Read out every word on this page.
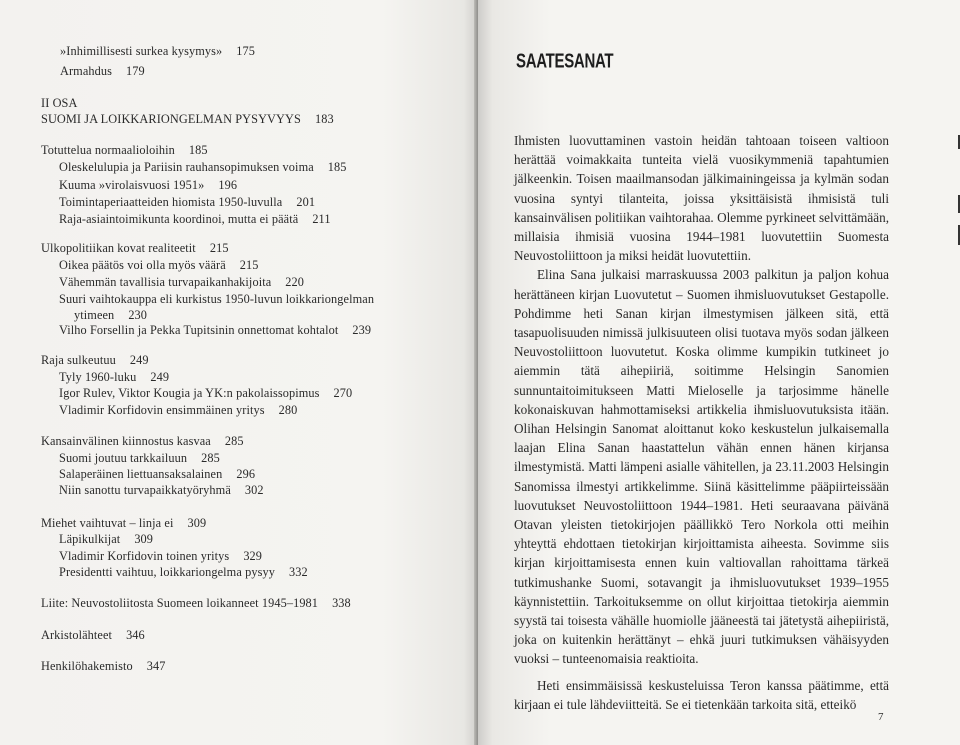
»Inhimillisesti surkea kysymys» 175
Armahdus 179
II OSA
SUOMI JA LOIKKARIONGELMAN PYSYVYYS 183
Totuttelua normaalioloihin 185
Oleskelulupia ja Pariisin rauhansopimuksen voima 185
Kuuma »virolaisvuosi 1951» 196
Toimintaperiaatteiden hiomista 1950-luvulla 201
Raja-asiaintoimikunta koordinoi, mutta ei päätä 211
Ulkopolitiikan kovat realiteetit 215
Oikea päätös voi olla myös väärä 215
Vähemmän tavallisia turvapaikanhakijoita 220
Suuri vaihtokauppa eli kurkistus 1950-luvun loikkariongelman
ytimeen 230
Vilho Forsellin ja Pekka Tupitsinin onnettomat kohtalot 239
Raja sulkeutuu 249
Tyly 1960-luku 249
Igor Rulev, Viktor Kougia ja YK:n pakolaissopimus 270
Vladimir Korfidovin ensimmäinen yritys 280
Kansainvälinen kiinnostus kasvaa 285
Suomi joutuu tarkkailuun 285
Salaperäinen liettuansaksalainen 296
Niin sanottu turvapaikkatyöryhmä 302
Miehet vaihtuvat – linja ei 309
Läpikulkijat 309
Vladimir Korfidovin toinen yritys 329
Presidentti vaihtuu, loikkariongelma pysyy 332
Liite: Neuvostoliitosta Suomeen loikanneet 1945–1981 338
Arkistolähteet 346
Henkilöhakemisto 347
SAATESANAT

Ihmisten luovuttaminen vastoin heidän tahtoaan toiseen valtioon herättää voimakkaita tunteita vielä vuosikymmeniä tapahtumien jälkeenkin. Toisen maailmansodan jälkimainingeissa ja kylmän sodan vuosina syntyi tilanteita, joissa yksittäisistä ihmisistä tuli kansainvälisen politiikan vaihtorahaa. Olemme pyrkineet selvittämään, millaisia ihmisiä vuosina 1944–1981 luovutettiin Suomesta Neuvostoliittoon ja miksi heidät luovutettiin.

Elina Sana julkaisi marraskuussa 2003 palkitun ja paljon kohua herättäneen kirjan Luovutetut – Suomen ihmisluovutukset Gestapolle. Pohdimme heti Sanan kirjan ilmestymisen jälkeen sitä, että tasapuolisuuden nimissä julkisuuteen olisi tuotava myös sodan jälkeen Neuvostoliittoon luovutetut. Koska olimme kumpikin tutkineet jo aiemmin tätä aihepiiriä, soitimme Helsingin Sanomien sunnuntaitoimitukseen Matti Mieloselle ja tarjosimme hänelle kokonaiskuvan hahmottamiseksi artikkelia ihmisluovutuksista itään. Olihan Helsingin Sanomat aloittanut koko keskustelun julkaisemalla laajan Elina Sanan haastattelun vähän ennen hänen kirjansa ilmestymistä. Matti lämpeni asialle vähitellen, ja 23.11.2003 Helsingin Sanomissa ilmestyi artikkelimme. Siinä käsittelimme pääpiirteissään luovutukset Neuvostoliittoon 1944–1981. Heti seuraavana päivänä Otavan yleisten tietokirjojen päällikkö Tero Norkola otti meihin yhteyttä ehdottaen tietokirjan kirjoittamista aiheesta. Sovimme siis kirjan kirjoittamisesta ennen kuin valtiovallan rahoittama tärkeä tutkimushanke Suomi, sotavangit ja ihmisluovutukset 1939–1955 käynnistettiin. Tarkoituksemme on ollut kirjoittaa tietokirja aiemmin syystä tai toisesta vähälle huomiolle jääneestä tai jätetystä aihepiiristä, joka on kuitenkin herättänyt – ehkä juuri tutkimuksen vähäisyyden vuoksi – tunteenomaisia reaktioita.

Heti ensimmäisissä keskusteluissa Teron kanssa päätimme, että kirjaan ei tule lähdeviitteitä. Se ei tietenkään tarkoita sitä, etteikö

7
